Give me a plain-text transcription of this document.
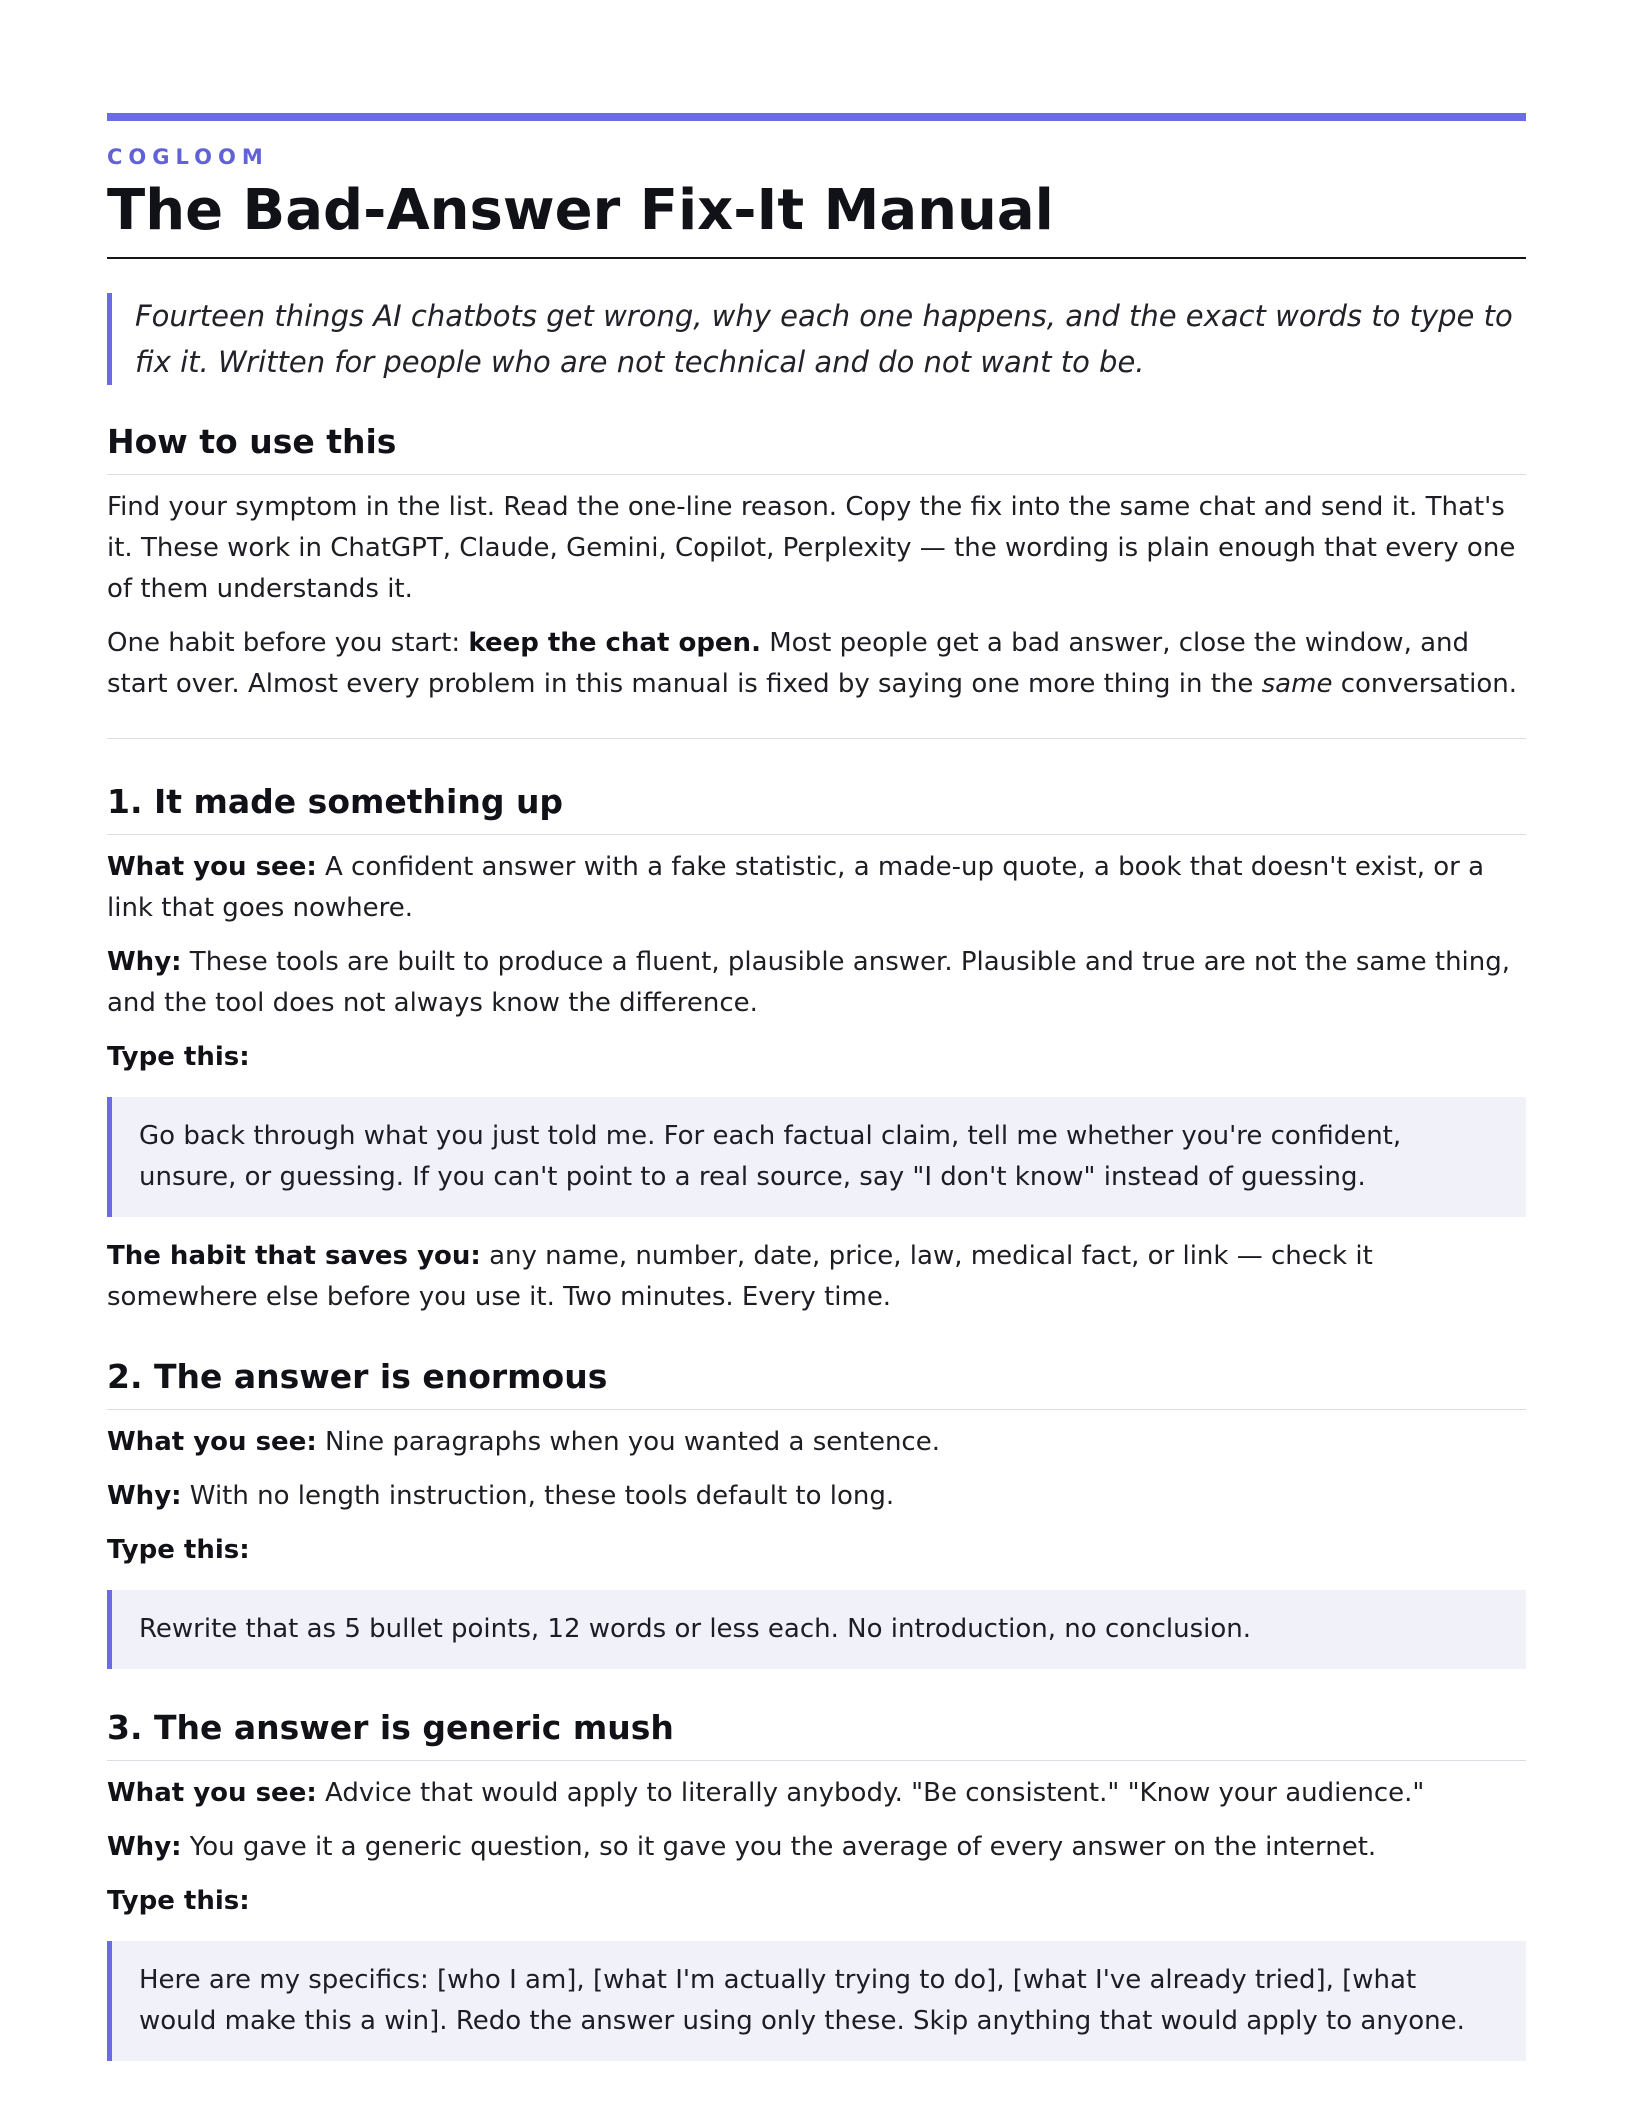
COGLOOM
The Bad-Answer Fix-It Manual
Fourteen things AI chatbots get wrong, why each one happens, and the exact words to type to fix it. Written for people who are not technical and do not want to be.
How to use this

Find your symptom in the list. Read the one-line reason. Copy the fix into the same chat and send it. That's it. These work in ChatGPT, Claude, Gemini, Copilot, Perplexity — the wording is plain enough that every one of them understands it.

One habit before you start: keep the chat open. Most people get a bad answer, close the window, and start over. Almost every problem in this manual is fixed by saying one more thing in the same conversation.

1. It made something up

What you see: A confident answer with a fake statistic, a made-up quote, a book that doesn't exist, or a link that goes nowhere.

Why: These tools are built to produce a fluent, plausible answer. Plausible and true are not the same thing, and the tool does not always know the difference.

Type this:

Go back through what you just told me. For each factual claim, tell me whether you're confident, unsure, or guessing. If you can't point to a real source, say "I don't know" instead of guessing.

The habit that saves you: any name, number, date, price, law, medical fact, or link — check it somewhere else before you use it. Two minutes. Every time.

2. The answer is enormous

What you see: Nine paragraphs when you wanted a sentence.

Why: With no length instruction, these tools default to long.

Type this:

Rewrite that as 5 bullet points, 12 words or less each. No introduction, no conclusion.
3. The answer is generic mush

What you see: Advice that would apply to literally anybody. "Be consistent." "Know your audience."

Why: You gave it a generic question, so it gave you the average of every answer on the internet.

Type this:

Here are my specifics: [who I am], [what I'm actually trying to do], [what I've already tried], [what would make this a win]. Redo the answer using only these. Skip anything that would apply to anyone.
